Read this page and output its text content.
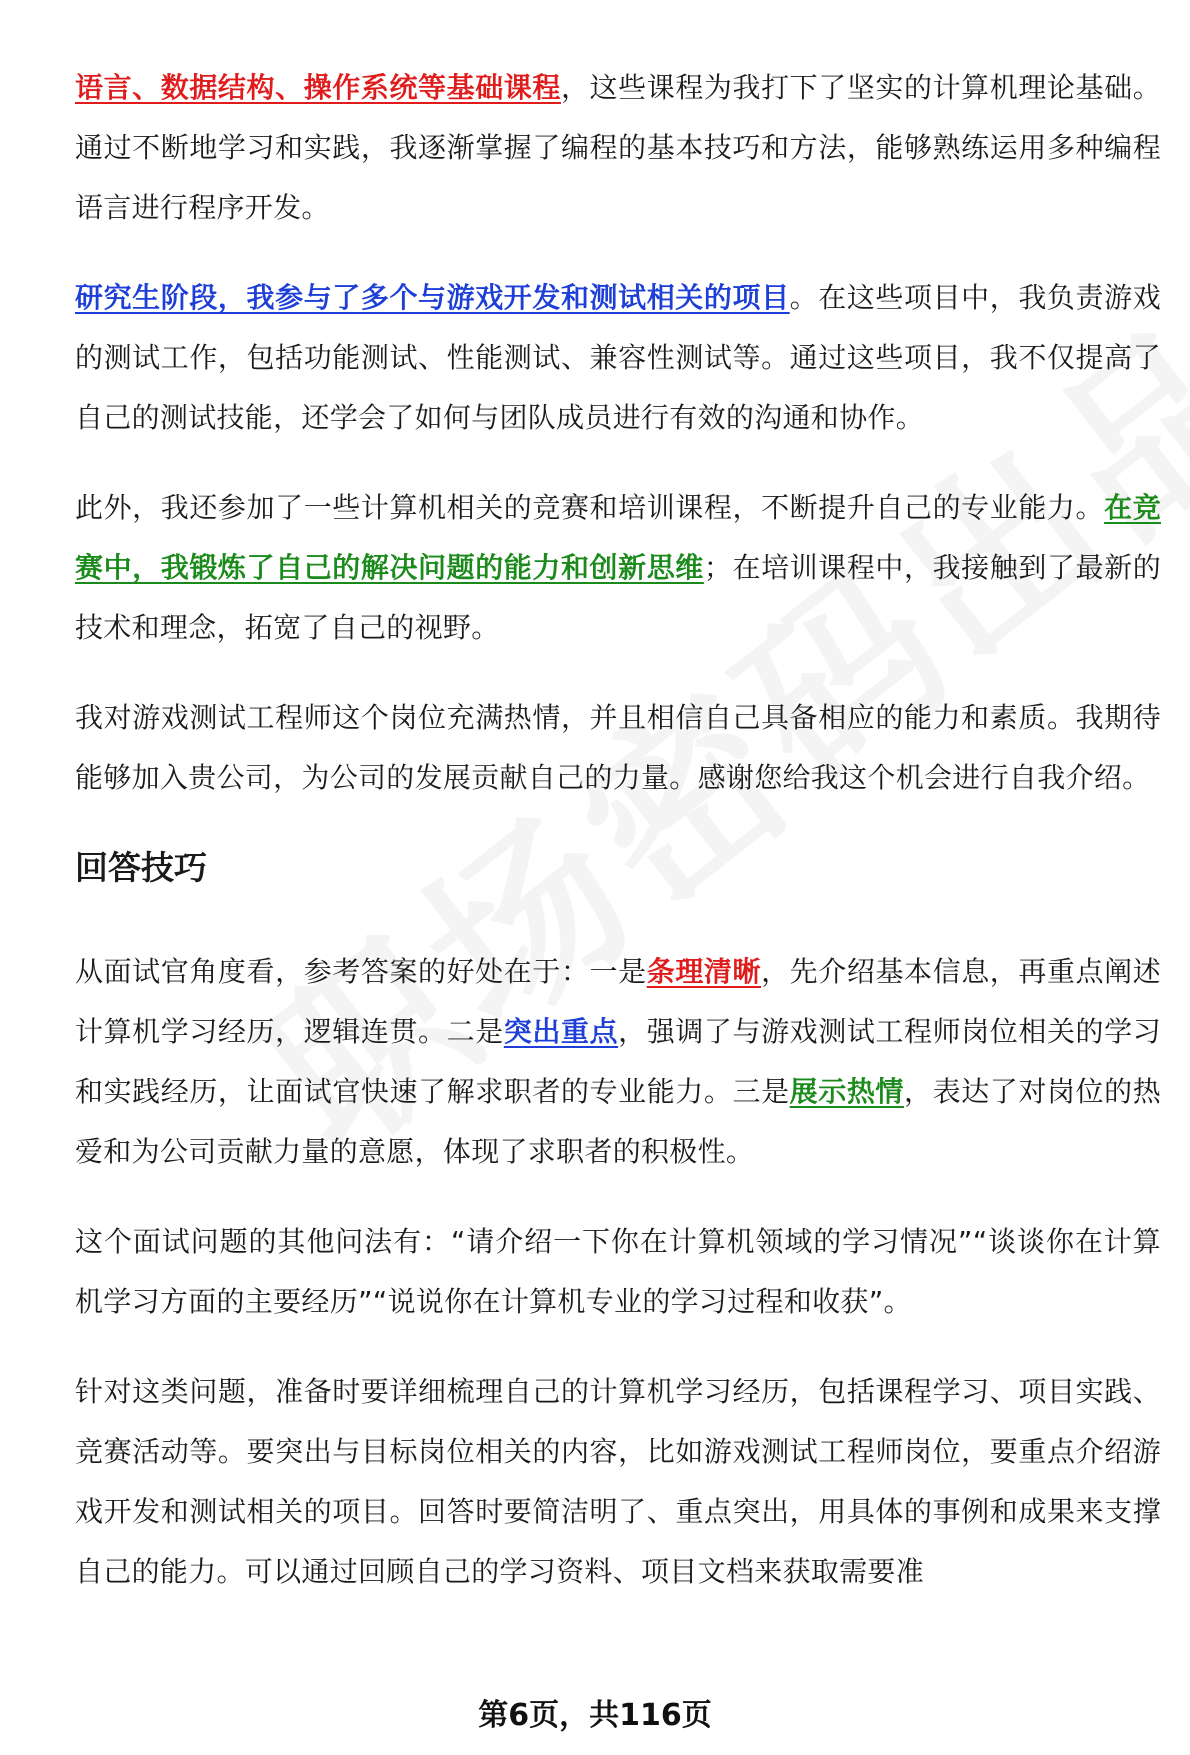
语言、数据结构、操作系统等基础课程，这些课程为我打下了坚实的计算机理论基础。通过不断地学习和实践，我逐渐掌握了编程的基本技巧和方法，能够熟练运用多种编程语言进行程序开发。

研究生阶段，我参与了多个与游戏开发和测试相关的项目。在这些项目中，我负责游戏的测试工作，包括功能测试、性能测试、兼容性测试等。通过这些项目，我不仅提高了自己的测试技能，还学会了如何与团队成员进行有效的沟通和协作。

此外，我还参加了一些计算机相关的竞赛和培训课程，不断提升自己的专业能力。在竞赛中，我锻炼了自己的解决问题的能力和创新思维；在培训课程中，我接触到了最新的技术和理念，拓宽了自己的视野。

我对游戏测试工程师这个岗位充满热情，并且相信自己具备相应的能力和素质。我期待能够加入贵公司，为公司的发展贡献自己的力量。感谢您给我这个机会进行自我介绍。

回答技巧

从面试官角度看，参考答案的好处在于：一是条理清晰，先介绍基本信息，再重点阐述计算机学习经历，逻辑连贯。二是突出重点，强调了与游戏测试工程师岗位相关的学习和实践经历，让面试官快速了解求职者的专业能力。三是展示热情，表达了对岗位的热爱和为公司贡献力量的意愿，体现了求职者的积极性。

这个面试问题的其他问法有：“请介绍一下你在计算机领域的学习情况”“谈谈你在计算机学习方面的主要经历”“说说你在计算机专业的学习过程和收获”。

针对这类问题，准备时要详细梳理自己的计算机学习经历，包括课程学习、项目实践、竞赛活动等。要突出与目标岗位相关的内容，比如游戏测试工程师岗位，要重点介绍游戏开发和测试相关的项目。回答时要简洁明了、重点突出，用具体的事例和成果来支撑自己的能力。可以通过回顾自己的学习资料、项目文档来获取需要准

第6页，共116页
